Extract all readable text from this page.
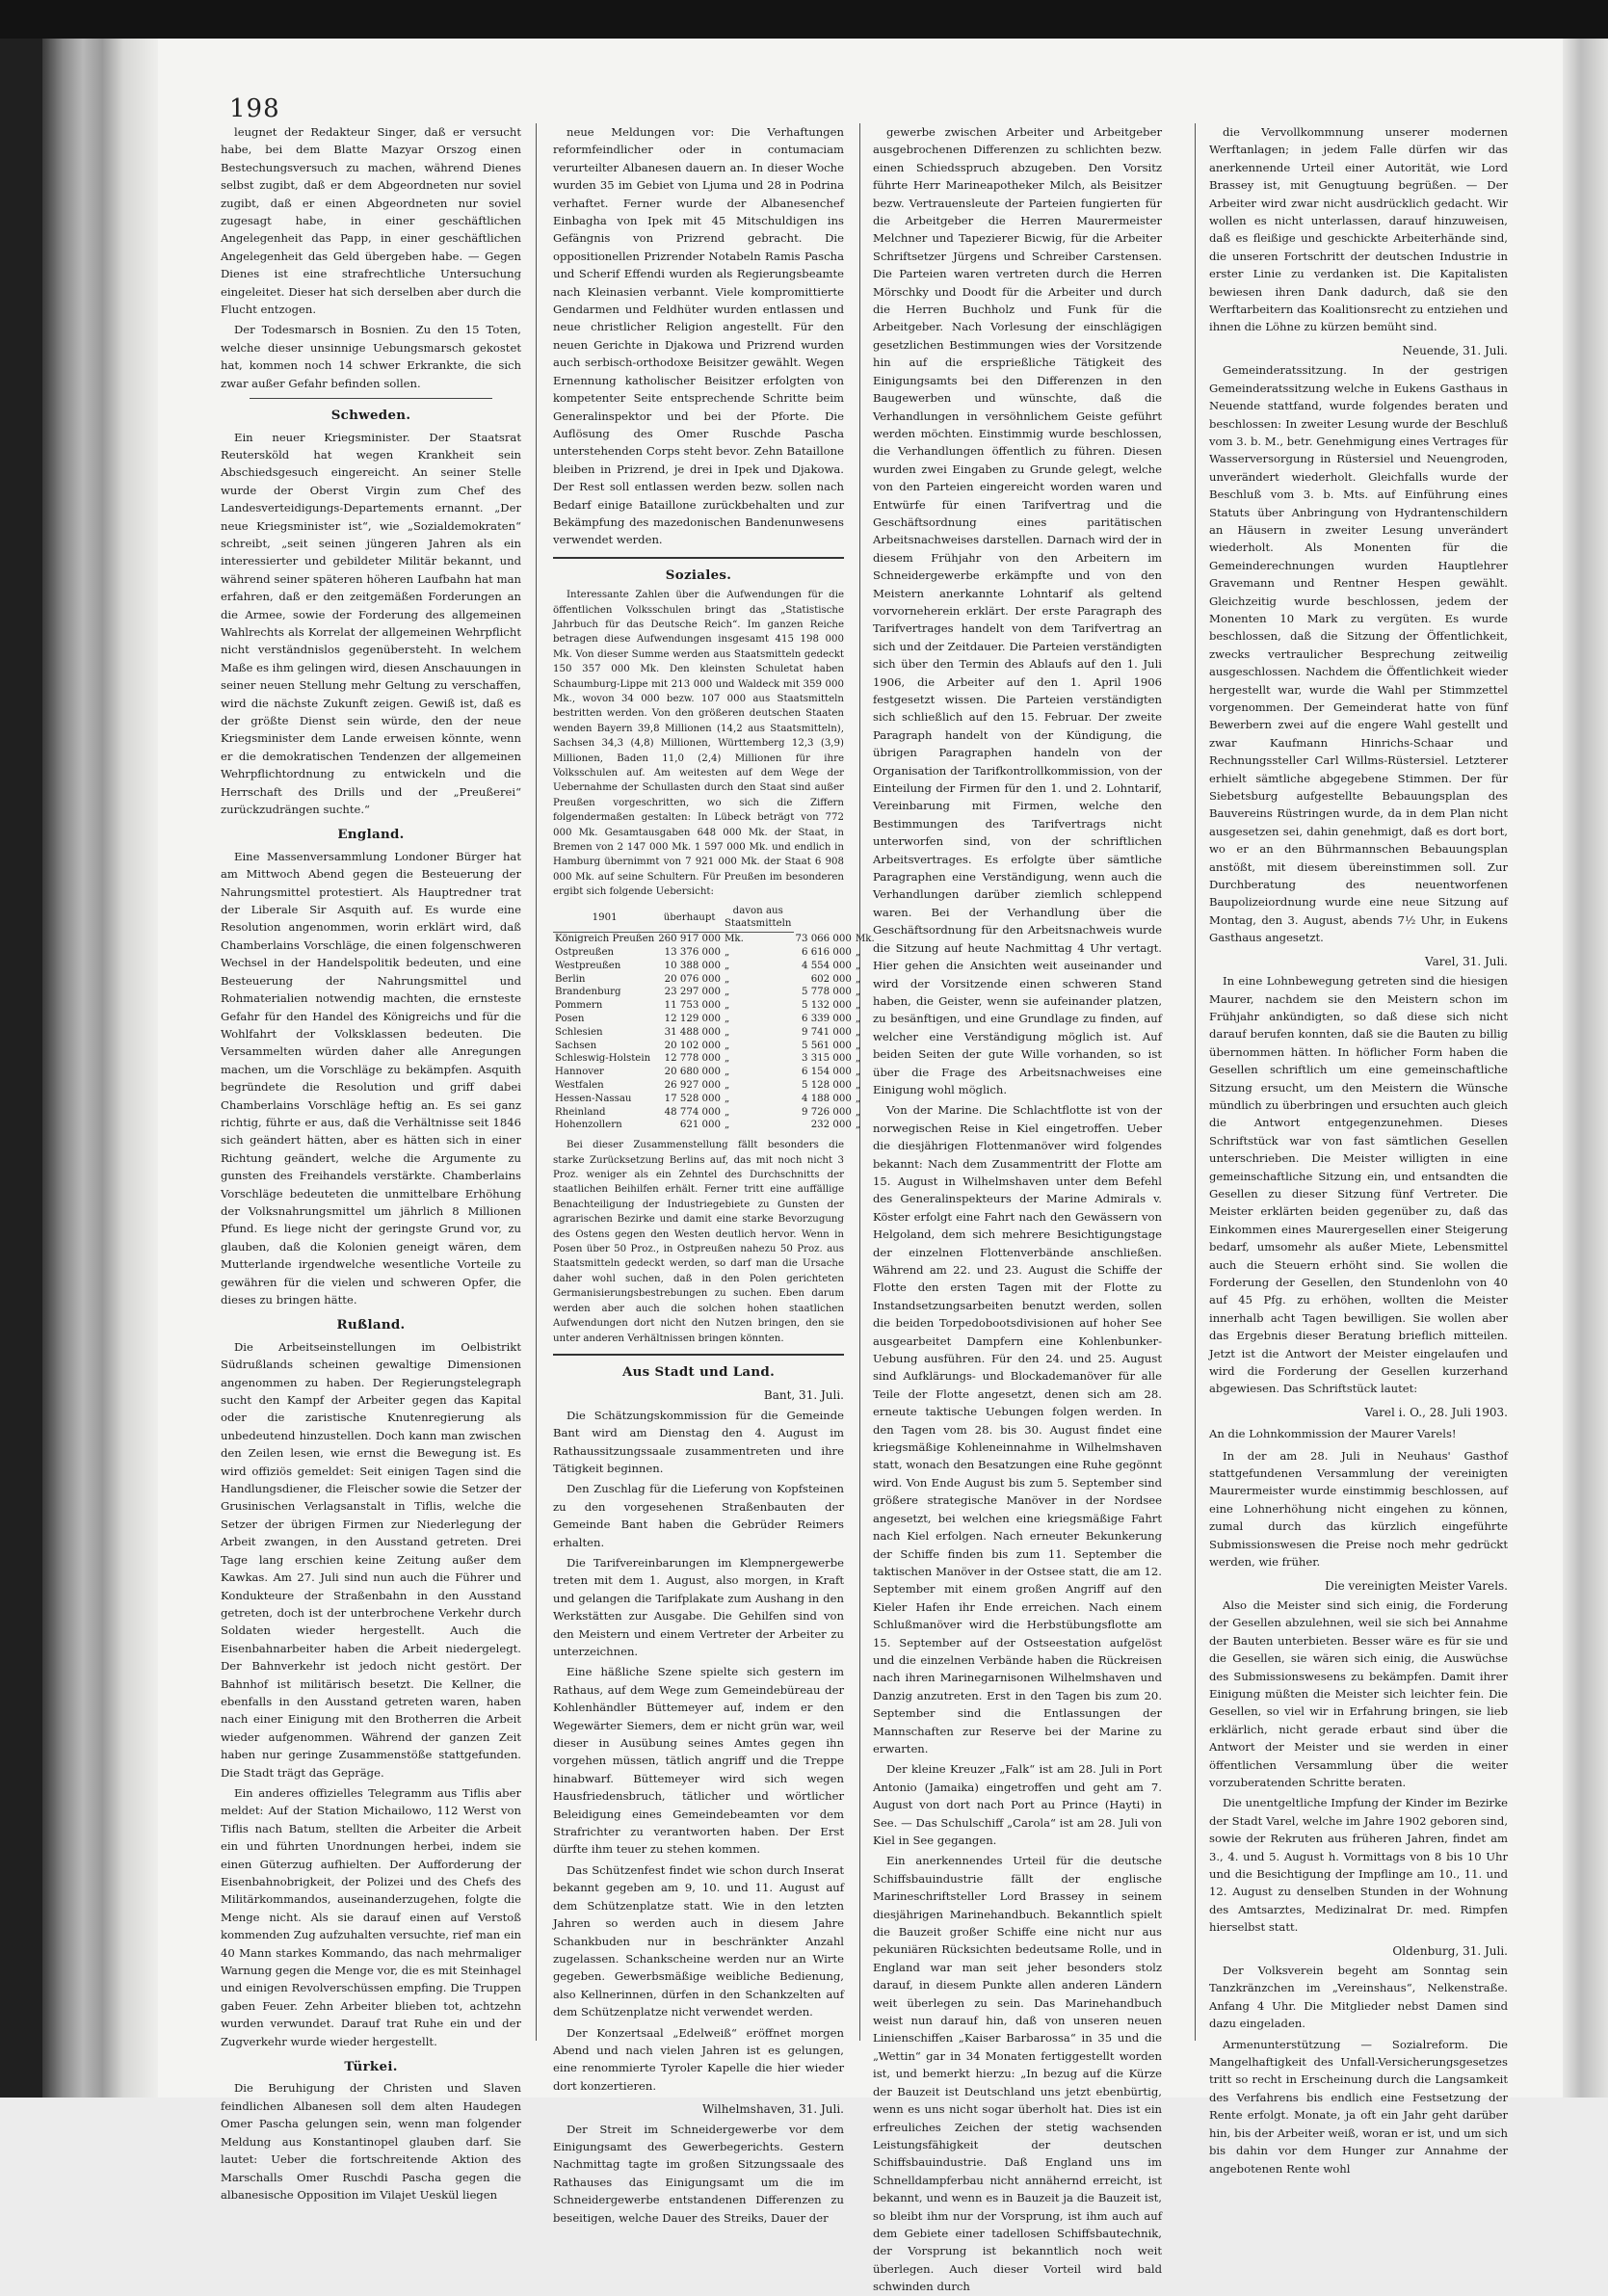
198

leugnet der Redakteur Singer, daß er versucht habe, bei dem Blatte Mazyar Orszog einen Bestechungsversuch zu machen, während Dienes selbst zugibt, daß er dem Abgeordneten nur soviel zugibt, daß er einen Abgeordneten nur soviel zugesagt habe, in einer geschäftlichen Angelegenheit das Papp, in einer geschäftlichen Angelegenheit das Geld übergeben habe. — Gegen Dienes ist eine strafrechtliche Untersuchung eingeleitet. Dieser hat sich derselben aber durch die Flucht entzogen.

Der Todesmarsch in Bosnien. Zu den 15 Toten, welche dieser unsinnige Uebungsmarsch gekostet hat, kommen noch 14 schwer Erkrankte, die sich zwar außer Gefahr befinden sollen.

Schweden.

Ein neuer Kriegsminister. Der Staatsrat Reutersköld hat wegen Krankheit sein Abschiedsgesuch eingereicht. An seiner Stelle wurde der Oberst Virgin zum Chef des Landesverteidigungs-Departements ernannt. „Der neue Kriegsminister ist“, wie „Sozialdemokraten“ schreibt, „seit seinen jüngeren Jahren als ein interessierter und gebildeter Militär bekannt, und während seiner späteren höheren Laufbahn hat man erfahren, daß er den zeitgemäßen Forderungen an die Armee, sowie der Forderung des allgemeinen Wahlrechts als Korrelat der allgemeinen Wehrpflicht nicht verständnislos gegenübersteht. In welchem Maße es ihm gelingen wird, diesen Anschauungen in seiner neuen Stellung mehr Geltung zu verschaffen, wird die nächste Zukunft zeigen. Gewiß ist, daß es der größte Dienst sein würde, den der neue Kriegsminister dem Lande erweisen könnte, wenn er die demokratischen Tendenzen der allgemeinen Wehrpflichtordnung zu entwickeln und die Herrschaft des Drills und der „Preußerei“ zurückzudrängen suchte.“

England.

Eine Massenversammlung Londoner Bürger hat am Mittwoch Abend gegen die Besteuerung der Nahrungsmittel protestiert. Als Hauptredner trat der Liberale Sir Asquith auf. Es wurde eine Resolution angenommen, worin erklärt wird, daß Chamberlains Vorschläge, die einen folgenschweren Wechsel in der Handelspolitik bedeuten, und eine Besteuerung der Nahrungsmittel und Rohmaterialien notwendig machten, die ernsteste Gefahr für den Handel des Königreichs und für die Wohlfahrt der Volksklassen bedeuten. Die Versammelten würden daher alle Anregungen machen, um die Vorschläge zu bekämpfen. Asquith begründete die Resolution und griff dabei Chamberlains Vorschläge heftig an. Es sei ganz richtig, führte er aus, daß die Verhältnisse seit 1846 sich geändert hätten, aber es hätten sich in einer Richtung geändert, welche die Argumente zu gunsten des Freihandels verstärkte. Chamberlains Vorschläge bedeuteten die unmittelbare Erhöhung der Volksnahrungsmittel um jährlich 8 Millionen Pfund. Es liege nicht der geringste Grund vor, zu glauben, daß die Kolonien geneigt wären, dem Mutterlande irgendwelche wesentliche Vorteile zu gewähren für die vielen und schweren Opfer, die dieses zu bringen hätte.

Rußland.

Die Arbeitseinstellungen im Oelbistrikt Südrußlands scheinen gewaltige Dimensionen angenommen zu haben. Der Regierungstelegraph sucht den Kampf der Arbeiter gegen das Kapital oder die zaristische Knutenregierung als unbedeutend hinzustellen. Doch kann man zwischen den Zeilen lesen, wie ernst die Bewegung ist. Es wird offiziös gemeldet: Seit einigen Tagen sind die Handlungsdiener, die Fleischer sowie die Setzer der Grusinischen Verlagsanstalt in Tiflis, welche die Setzer der übrigen Firmen zur Niederlegung der Arbeit zwangen, in den Ausstand getreten. Drei Tage lang erschien keine Zeitung außer dem Kawkas. Am 27. Juli sind nun auch die Führer und Kondukteure der Straßenbahn in den Ausstand getreten, doch ist der unterbrochene Verkehr durch Soldaten wieder hergestellt. Auch die Eisenbahnarbeiter haben die Arbeit niedergelegt. Der Bahnverkehr ist jedoch nicht gestört. Der Bahnhof ist militärisch besetzt. Die Kellner, die ebenfalls in den Ausstand getreten waren, haben nach einer Einigung mit den Brotherren die Arbeit wieder aufgenommen. Während der ganzen Zeit haben nur geringe Zusammenstöße stattgefunden. Die Stadt trägt das Gepräge.

Ein anderes offizielles Telegramm aus Tiflis aber meldet: Auf der Station Michailowo, 112 Werst von Tiflis nach Batum, stellten die Arbeiter die Arbeit ein und führten Unordnungen herbei, indem sie einen Güterzug aufhielten. Der Aufforderung der Eisenbahnobrigkeit, der Polizei und des Chefs des Militärkommandos, auseinanderzugehen, folgte die Menge nicht. Als sie darauf einen auf Verstoß kommenden Zug aufzuhalten versuchte, rief man ein 40 Mann starkes Kommando, das nach mehrmaliger Warnung gegen die Menge vor, die es mit Steinhagel und einigen Revolverschüssen empfing. Die Truppen gaben Feuer. Zehn Arbeiter blieben tot, achtzehn wurden verwundet. Darauf trat Ruhe ein und der Zugverkehr wurde wieder hergestellt.

Türkei.

Die Beruhigung der Christen und Slaven feindlichen Albanesen soll dem alten Haudegen Omer Pascha gelungen sein, wenn man folgender Meldung aus Konstantinopel glauben darf. Sie lautet: Ueber die fortschreitende Aktion des Marschalls Omer Ruschdi Pascha gegen die albanesische Opposition im Vilajet Ueskül liegen

neue Meldungen vor: Die Verhaftungen reformfeindlicher oder in contumaciam verurteilter Albanesen dauern an. In dieser Woche wurden 35 im Gebiet von Ljuma und 28 in Podrina verhaftet. Ferner wurde der Albanesenchef Einbagha von Ipek mit 45 Mitschuldigen ins Gefängnis von Prizrend gebracht. Die oppositionellen Prizrender Notabeln Ramis Pascha und Scherif Effendi wurden als Regierungsbeamte nach Kleinasien verbannt. Viele kompromittierte Gendarmen und Feldhüter wurden entlassen und neue christlicher Religion angestellt. Für den neuen Gerichte in Djakowa und Prizrend wurden auch serbisch-orthodoxe Beisitzer gewählt. Wegen Ernennung katholischer Beisitzer erfolgten von kompetenter Seite entsprechende Schritte beim Generalinspektor und bei der Pforte. Die Auflösung des Omer Ruschde Pascha unterstehenden Corps steht bevor. Zehn Bataillone bleiben in Prizrend, je drei in Ipek und Djakowa. Der Rest soll entlassen werden bezw. sollen nach Bedarf einige Bataillone zurückbehalten und zur Bekämpfung des mazedonischen Bandenunwesens verwendet werden.

Soziales.

Interessante Zahlen über die Aufwendungen für die öffentlichen Volksschulen bringt das „Statistische Jahrbuch für das Deutsche Reich“. Im ganzen Reiche betragen diese Aufwendungen insgesamt 415 198 000 Mk. Von dieser Summe werden aus Staatsmitteln gedeckt 150 357 000 Mk. Den kleinsten Schuletat haben Schaumburg-Lippe mit 213 000 und Waldeck mit 359 000 Mk., wovon 34 000 bezw. 107 000 aus Staatsmitteln bestritten werden. Von den größeren deutschen Staaten wenden Bayern 39,8 Millionen (14,2 aus Staatsmitteln), Sachsen 34,3 (4,8) Millionen, Württemberg 12,3 (3,9) Millionen, Baden 11,0 (2,4) Millionen für ihre Volksschulen auf. Am weitesten auf dem Wege der Uebernahme der Schullasten durch den Staat sind außer Preußen vorgeschritten, wo sich die Ziffern folgendermaßen gestalten: In Lübeck beträgt von 772 000 Mk. Gesamtausgaben 648 000 Mk. der Staat, in Bremen von 2 147 000 Mk. 1 597 000 Mk. und endlich in Hamburg übernimmt von 7 921 000 Mk. der Staat 6 908 000 Mk. auf seine Schultern. Für Preußen im besonderen ergibt sich folgende Uebersicht:

1901	überhaupt	davon aus Staatsmitteln		
Königreich Preußen	260 917 000	Mk.	73 066 000	Mk.
Ostpreußen	13 376 000	„	6 616 000	„
Westpreußen	10 388 000	„	4 554 000	„
Berlin	20 076 000	„	602 000	„
Brandenburg	23 297 000	„	5 778 000	„
Pommern	11 753 000	„	5 132 000	„
Posen	12 129 000	„	6 339 000	„
Schlesien	31 488 000	„	9 741 000	„
Sachsen	20 102 000	„	5 561 000	„
Schleswig-Holstein	12 778 000	„	3 315 000	„
Hannover	20 680 000	„	6 154 000	„
Westfalen	26 927 000	„	5 128 000	„
Hessen-Nassau	17 528 000	„	4 188 000	„
Rheinland	48 774 000	„	9 726 000	„
Hohenzollern	621 000	„	232 000	„

Bei dieser Zusammenstellung fällt besonders die starke Zurücksetzung Berlins auf, das mit noch nicht 3 Proz. weniger als ein Zehntel des Durchschnitts der staatlichen Beihilfen erhält. Ferner tritt eine auffällige Benachteiligung der Industriegebiete zu Gunsten der agrarischen Bezirke und damit eine starke Bevorzugung des Ostens gegen den Westen deutlich hervor. Wenn in Posen über 50 Proz., in Ostpreußen nahezu 50 Proz. aus Staatsmitteln gedeckt werden, so darf man die Ursache daher wohl suchen, daß in den Polen gerichteten Germanisierungsbestrebungen zu suchen. Eben darum werden aber auch die solchen hohen staatlichen Aufwendungen dort nicht den Nutzen bringen, den sie unter anderen Verhältnissen bringen könnten.

Aus Stadt und Land.
Bant, 31. Juli.

Die Schätzungskommission für die Gemeinde Bant wird am Dienstag den 4. August im Rathaussitzungssaale zusammentreten und ihre Tätigkeit beginnen.

Den Zuschlag für die Lieferung von Kopfsteinen zu den vorgesehenen Straßenbauten der Gemeinde Bant haben die Gebrüder Reimers erhalten.

Die Tarifvereinbarungen im Klempnergewerbe treten mit dem 1. August, also morgen, in Kraft und gelangen die Tarifplakate zum Aushang in den Werkstätten zur Ausgabe. Die Gehilfen sind von den Meistern und einem Vertreter der Arbeiter zu unterzeichnen.

Eine häßliche Szene spielte sich gestern im Rathaus, auf dem Wege zum Gemeindebüreau der Kohlenhändler Büttemeyer auf, indem er den Wegewärter Siemers, dem er nicht grün war, weil dieser in Ausübung seines Amtes gegen ihn vorgehen müssen, tätlich angriff und die Treppe hinabwarf. Büttemeyer wird sich wegen Hausfriedensbruch, tätlicher und wörtlicher Beleidigung eines Gemeindebeamten vor dem Strafrichter zu verantworten haben. Der Erst dürfte ihm teuer zu stehen kommen.

Das Schützenfest findet wie schon durch Inserat bekannt gegeben am 9, 10. und 11. August auf dem Schützenplatze statt. Wie in den letzten Jahren so werden auch in diesem Jahre Schankbuden nur in beschränkter Anzahl zugelassen. Schankscheine werden nur an Wirte gegeben. Gewerbsmäßige weibliche Bedienung, also Kellnerinnen, dürfen in den Schankzelten auf dem Schützenplatze nicht verwendet werden.

Der Konzertsaal „Edelweiß“ eröffnet morgen Abend und nach vielen Jahren ist es gelungen, eine renommierte Tyroler Kapelle die hier wieder dort konzertieren.

Wilhelmshaven, 31. Juli.

Der Streit im Schneidergewerbe vor dem Einigungsamt des Gewerbegerichts. Gestern Nachmittag tagte im großen Sitzungssaale des Rathauses das Einigungsamt um die im Schneidergewerbe entstandenen Differenzen zu beseitigen, welche Dauer des Streiks, Dauer der

gewerbe zwischen Arbeiter und Arbeitgeber ausgebrochenen Differenzen zu schlichten bezw. einen Schiedsspruch abzugeben. Den Vorsitz führte Herr Marineapotheker Milch, als Beisitzer bezw. Vertrauensleute der Parteien fungierten für die Arbeitgeber die Herren Maurermeister Melchner und Tapezierer Bicwig, für die Arbeiter Schriftsetzer Jürgens und Schreiber Carstensen. Die Parteien waren vertreten durch die Herren Mörschky und Doodt für die Arbeiter und durch die Herren Buchholz und Funk für die Arbeitgeber. Nach Vorlesung der einschlägigen gesetzlichen Bestimmungen wies der Vorsitzende hin auf die ersprießliche Tätigkeit des Einigungsamts bei den Differenzen in den Baugewerben und wünschte, daß die Verhandlungen in versöhnlichem Geiste geführt werden möchten. Einstimmig wurde beschlossen, die Verhandlungen öffentlich zu führen. Diesen wurden zwei Eingaben zu Grunde gelegt, welche von den Parteien eingereicht worden waren und Entwürfe für einen Tarifvertrag und die Geschäftsordnung eines paritätischen Arbeitsnachweises darstellen. Darnach wird der in diesem Frühjahr von den Arbeitern im Schneidergewerbe erkämpfte und von den Meistern anerkannte Lohntarif als geltend vorvorneherein erklärt. Der erste Paragraph des Tarifvertrages handelt von dem Tarifvertrag an sich und der Zeitdauer. Die Parteien verständigten sich über den Termin des Ablaufs auf den 1. Juli 1906, die Arbeiter auf den 1. April 1906 festgesetzt wissen. Die Parteien verständigten sich schließlich auf den 15. Februar. Der zweite Paragraph handelt von der Kündigung, die übrigen Paragraphen handeln von der Organisation der Tarifkontrollkommission, von der Einteilung der Firmen für den 1. und 2. Lohntarif, Vereinbarung mit Firmen, welche den Bestimmungen des Tarifvertrags nicht unterworfen sind, von der schriftlichen Arbeitsvertrages. Es erfolgte über sämtliche Paragraphen eine Verständigung, wenn auch die Verhandlungen darüber ziemlich schleppend waren. Bei der Verhandlung über die Geschäftsordnung für den Arbeitsnachweis wurde die Sitzung auf heute Nachmittag 4 Uhr vertagt. Hier gehen die Ansichten weit auseinander und wird der Vorsitzende einen schweren Stand haben, die Geister, wenn sie aufeinander platzen, zu besänftigen, und eine Grundlage zu finden, auf welcher eine Verständigung möglich ist. Auf beiden Seiten der gute Wille vorhanden, so ist über die Frage des Arbeitsnachweises eine Einigung wohl möglich.

Von der Marine. Die Schlachtflotte ist von der norwegischen Reise in Kiel eingetroffen. Ueber die diesjährigen Flottenmanöver wird folgendes bekannt: Nach dem Zusammentritt der Flotte am 15. August in Wilhelmshaven unter dem Befehl des Generalinspekteurs der Marine Admirals v. Köster erfolgt eine Fahrt nach den Gewässern von Helgoland, dem sich mehrere Besichtigungstage der einzelnen Flottenverbände anschließen. Während am 22. und 23. August die Schiffe der Flotte den ersten Tagen mit der Flotte zu Instandsetzungsarbeiten benutzt werden, sollen die beiden Torpedobootsdivisionen auf hoher See ausgearbeitet Dampfern eine Kohlenbunker-Uebung ausführen. Für den 24. und 25. August sind Aufklärungs- und Blockademanöver für alle Teile der Flotte angesetzt, denen sich am 28. erneute taktische Uebungen folgen werden. In den Tagen vom 28. bis 30. August findet eine kriegsmäßige Kohleneinnahme in Wilhelmshaven statt, wonach den Besatzungen eine Ruhe gegönnt wird. Von Ende August bis zum 5. September sind größere strategische Manöver in der Nordsee angesetzt, bei welchen eine kriegsmäßige Fahrt nach Kiel erfolgen. Nach erneuter Bekunkerung der Schiffe finden bis zum 11. September die taktischen Manöver in der Ostsee statt, die am 12. September mit einem großen Angriff auf den Kieler Hafen ihr Ende erreichen. Nach einem Schlußmanöver wird die Herbstübungsflotte am 15. September auf der Ostseestation aufgelöst und die einzelnen Verbände haben die Rückreisen nach ihren Marinegarnisonen Wilhelmshaven und Danzig anzutreten. Erst in den Tagen bis zum 20. September sind die Entlassungen der Mannschaften zur Reserve bei der Marine zu erwarten.

Der kleine Kreuzer „Falk“ ist am 28. Juli in Port Antonio (Jamaika) eingetroffen und geht am 7. August von dort nach Port au Prince (Hayti) in See. — Das Schulschiff „Carola“ ist am 28. Juli von Kiel in See gegangen.

Ein anerkennendes Urteil für die deutsche Schiffsbauindustrie fällt der englische Marineschriftsteller Lord Brassey in seinem diesjährigen Marinehandbuch. Bekanntlich spielt die Bauzeit großer Schiffe eine nicht nur aus pekuniären Rücksichten bedeutsame Rolle, und in England war man seit jeher besonders stolz darauf, in diesem Punkte allen anderen Ländern weit überlegen zu sein. Das Marinehandbuch weist nun darauf hin, daß von unseren neuen Linienschiffen „Kaiser Barbarossa“ in 35 und die „Wettin“ gar in 34 Monaten fertiggestellt worden ist, und bemerkt hierzu: „In bezug auf die Kürze der Bauzeit ist Deutschland uns jetzt ebenbürtig, wenn es uns nicht sogar überholt hat. Dies ist ein erfreuliches Zeichen der stetig wachsenden Leistungsfähigkeit der deutschen Schiffsbauindustrie. Daß England uns im Schnelldampferbau nicht annähernd erreicht, ist bekannt, und wenn es in Bauzeit ja die Bauzeit ist, so bleibt ihm nur der Vorsprung, ist ihm auch auf dem Gebiete einer tadellosen Schiffsbautechnik, der Vorsprung ist bekanntlich noch weit überlegen. Auch dieser Vorteil wird bald schwinden durch

die Vervollkommnung unserer modernen Werftanlagen; in jedem Falle dürfen wir das anerkennende Urteil einer Autorität, wie Lord Brassey ist, mit Genugtuung begrüßen. — Der Arbeiter wird zwar nicht ausdrücklich gedacht. Wir wollen es nicht unterlassen, darauf hinzuweisen, daß es fleißige und geschickte Arbeiterhände sind, die unseren Fortschritt der deutschen Industrie in erster Linie zu verdanken ist. Die Kapitalisten bewiesen ihren Dank dadurch, daß sie den Werftarbeitern das Koalitionsrecht zu entziehen und ihnen die Löhne zu kürzen bemüht sind.

Neuende, 31. Juli.

Gemeinderatssitzung. In der gestrigen Gemeinderatssitzung welche in Eukens Gasthaus in Neuende stattfand, wurde folgendes beraten und beschlossen: In zweiter Lesung wurde der Beschluß vom 3. b. M., betr. Genehmigung eines Vertrages für Wasserversorgung in Rüstersiel und Neuengroden, unverändert wiederholt. Gleichfalls wurde der Beschluß vom 3. b. Mts. auf Einführung eines Statuts über Anbringung von Hydrantenschildern an Häusern in zweiter Lesung unverändert wiederholt. Als Monenten für die Gemeinderechnungen wurden Hauptlehrer Gravemann und Rentner Hespen gewählt. Gleichzeitig wurde beschlossen, jedem der Monenten 10 Mark zu vergüten. Es wurde beschlossen, daß die Sitzung der Öffentlichkeit, zwecks vertraulicher Besprechung zeitweilig ausgeschlossen. Nachdem die Öffentlichkeit wieder hergestellt war, wurde die Wahl per Stimmzettel vorgenommen. Der Gemeinderat hatte von fünf Bewerbern zwei auf die engere Wahl gestellt und zwar Kaufmann Hinrichs-Schaar und Rechnungssteller Carl Willms-Rüstersiel. Letzterer erhielt sämtliche abgegebene Stimmen. Der für Siebetsburg aufgestellte Bebauungsplan des Bauvereins Rüstringen wurde, da in dem Plan nicht ausgesetzen sei, dahin genehmigt, daß es dort bort, wo er an den Bührmannschen Bebauungsplan anstößt, mit diesem übereinstimmen soll. Zur Durchberatung des neuentworfenen Baupolizeiordnung wurde eine neue Sitzung auf Montag, den 3. August, abends 7½ Uhr, in Eukens Gasthaus angesetzt.

Varel, 31. Juli.

In eine Lohnbewegung getreten sind die hiesigen Maurer, nachdem sie den Meistern schon im Frühjahr ankündigten, so daß diese sich nicht darauf berufen konnten, daß sie die Bauten zu billig übernommen hätten. In höflicher Form haben die Gesellen schriftlich um eine gemeinschaftliche Sitzung ersucht, um den Meistern die Wünsche mündlich zu überbringen und ersuchten auch gleich die Antwort entgegenzunehmen. Dieses Schriftstück war von fast sämtlichen Gesellen unterschrieben. Die Meister willigten in eine gemeinschaftliche Sitzung ein, und entsandten die Gesellen zu dieser Sitzung fünf Vertreter. Die Meister erklärten beiden gegenüber zu, daß das Einkommen eines Maurergesellen einer Steigerung bedarf, umsomehr als außer Miete, Lebensmittel auch die Steuern erhöht sind. Sie wollen die Forderung der Gesellen, den Stundenlohn von 40 auf 45 Pfg. zu erhöhen, wollten die Meister innerhalb acht Tagen bewilligen. Sie wollen aber das Ergebnis dieser Beratung brieflich mitteilen. Jetzt ist die Antwort der Meister eingelaufen und wird die Forderung der Gesellen kurzerhand abgewiesen. Das Schriftstück lautet:

Varel i. O., 28. Juli 1903.

An die Lohnkommission der Maurer Varels!

In der am 28. Juli in Neuhaus' Gasthof stattgefundenen Versammlung der vereinigten Maurermeister wurde einstimmig beschlossen, auf eine Lohnerhöhung nicht eingehen zu können, zumal durch das kürzlich eingeführte Submissionswesen die Preise noch mehr gedrückt werden, wie früher.

Die vereinigten Meister Varels.

Also die Meister sind sich einig, die Forderung der Gesellen abzulehnen, weil sie sich bei Annahme der Bauten unterbieten. Besser wäre es für sie und die Gesellen, sie wären sich einig, die Auswüchse des Submissionswesens zu bekämpfen. Damit ihrer Einigung müßten die Meister sich leichter fein. Die Gesellen, so viel wir in Erfahrung bringen, sie lieb erklärlich, nicht gerade erbaut sind über die Antwort der Meister und sie werden in einer öffentlichen Versammlung über die weiter vorzuberatenden Schritte beraten.

Die unentgeltliche Impfung der Kinder im Bezirke der Stadt Varel, welche im Jahre 1902 geboren sind, sowie der Rekruten aus früheren Jahren, findet am 3., 4. und 5. August h. Vormittags von 8 bis 10 Uhr und die Besichtigung der Impflinge am 10., 11. und 12. August zu denselben Stunden in der Wohnung des Amtsarztes, Medizinalrat Dr. med. Rimpfen hierselbst statt.

Oldenburg, 31. Juli.

Der Volksverein begeht am Sonntag sein Tanzkränzchen im „Vereinshaus“, Nelkenstraße. Anfang 4 Uhr. Die Mitglieder nebst Damen sind dazu eingeladen.

Armenunterstützung — Sozialreform. Die Mangelhaftigkeit des Unfall-Versicherungsgesetzes tritt so recht in Erscheinung durch die Langsamkeit des Verfahrens bis endlich eine Festsetzung der Rente erfolgt. Monate, ja oft ein Jahr geht darüber hin, bis der Arbeiter weiß, woran er ist, und um sich bis dahin vor dem Hunger zur Annahme der angebotenen Rente wohl
